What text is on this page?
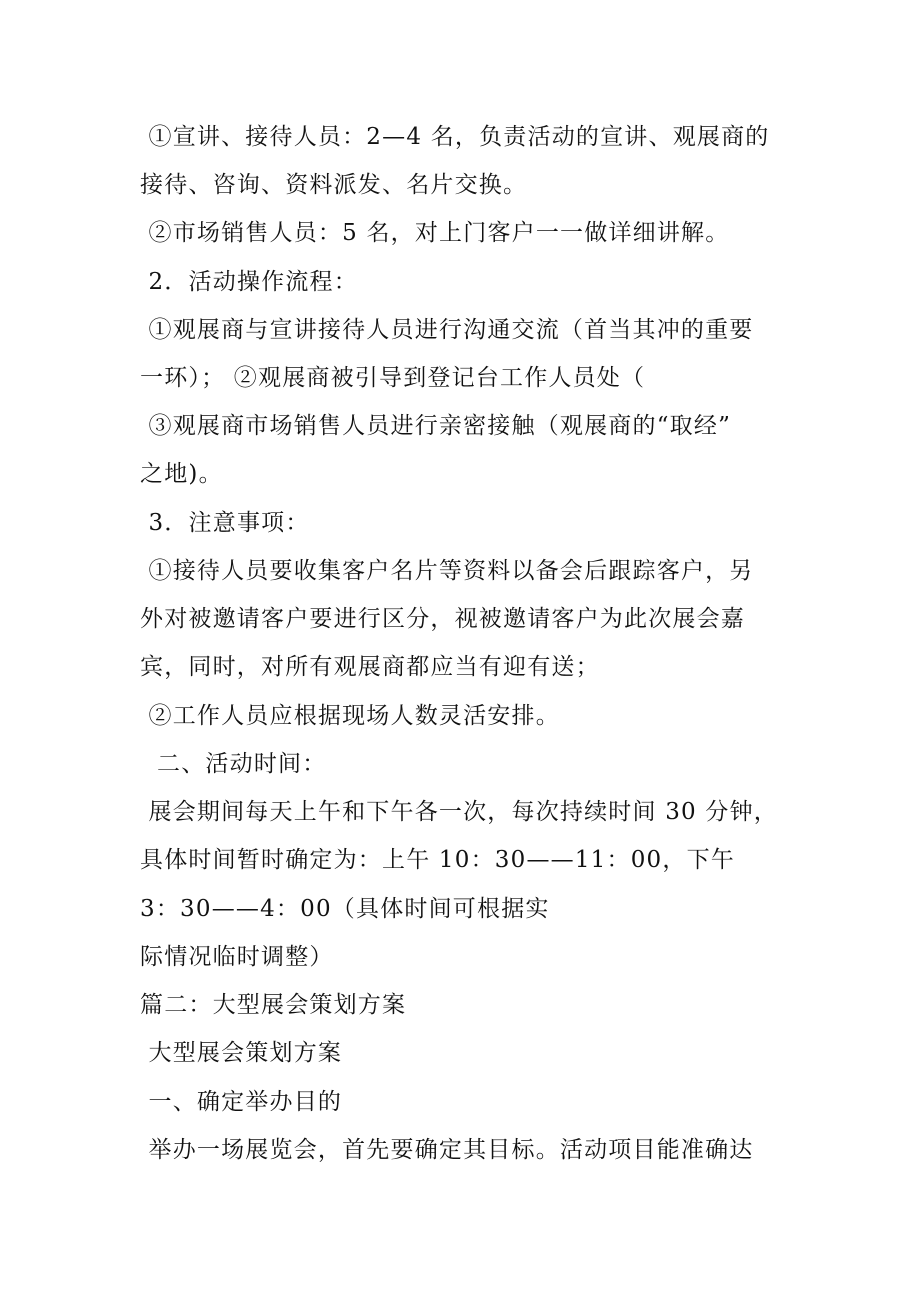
①宣讲、接待人员：2—4 名，负责活动的宣讲、观展商的
接待、咨询、资料派发、名片交换。
②市场销售人员：5 名，对上门客户一一做详细讲解。
2．活动操作流程：
①观展商与宣讲接待人员进行沟通交流（首当其冲的重要
一环）； ②观展商被引导到登记台工作人员处（
③观展商市场销售人员进行亲密接触（观展商的“取经”
之地)。
3．注意事项：
①接待人员要收集客户名片等资料以备会后跟踪客户，另
外对被邀请客户要进行区分，视被邀请客户为此次展会嘉
宾，同时，对所有观展商都应当有迎有送；
②工作人员应根据现场人数灵活安排。
二、活动时间：
展会期间每天上午和下午各一次，每次持续时间 30 分钟，
具体时间暂时确定为：上午 10：30——11：00，下午
3：30——4：00（具体时间可根据实
际情况临时调整）
篇二：大型展会策划方案
大型展会策划方案
一、确定举办目的
举办一场展览会，首先要确定其目标。活动项目能准确达
